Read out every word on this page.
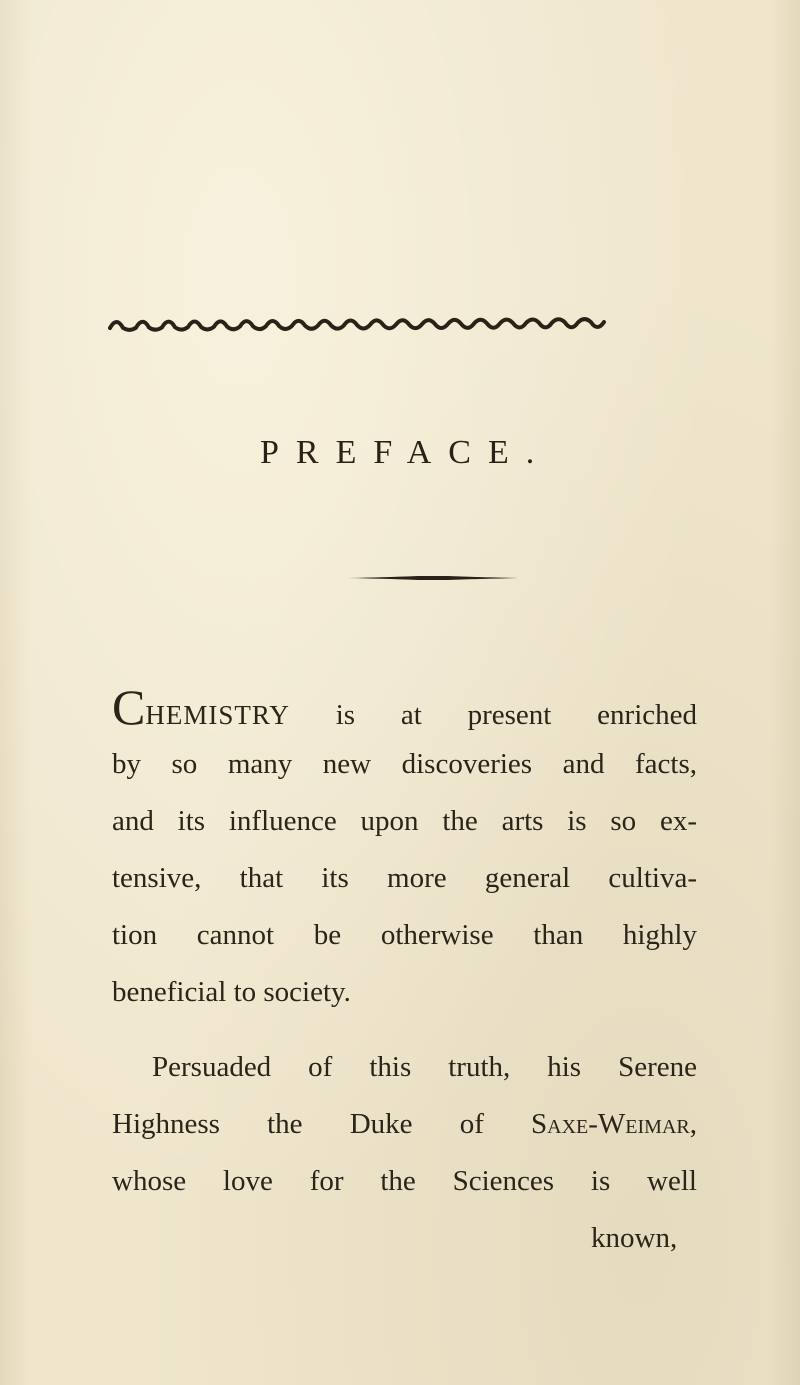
PREFACE.
CHEMISTRY is at present enriched
by so many new discoveries and facts,
and its influence upon the arts is so ex-
tensive, that its more general cultiva-
tion cannot be otherwise than highly
beneficial to society.
Persuaded of this truth, his Serene
Highness the Duke of Saxe-Weimar,
whose love for the Sciences is well
known,
